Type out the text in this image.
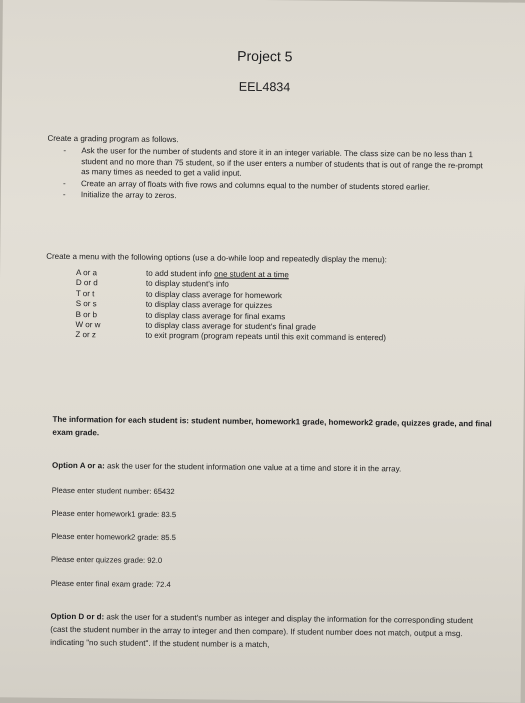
Project 5
EEL4834
Create a grading program as follows.
- Ask the user for the number of students and store it in an integer variable. The class size can be no less than 1 student and no more than 75 student, so if the user enters a number of students that is out of range the re-prompt as many times as needed to get a valid input.
- Create an array of floats with five rows and columns equal to the number of students stored earlier.
- Initialize the array to zeros.
Create a menu with the following options (use a do-while loop and repeatedly display the menu):
A or a	to add student info one student at a time
D or d	to display student's info
T or t	to display class average for homework
S or s	to display class average for quizzes
B or b	to display class average for final exams
W or w	to display class average for student's final grade
Z or z	to exit program (program repeats until this exit command is entered)
The information for each student is: student number, homework1 grade, homework2 grade, quizzes grade, and final exam grade.
Option A or a: ask the user for the student information one value at a time and store it in the array.
Please enter student number: 65432
Please enter homework1 grade: 83.5
Please enter homework2 grade: 85.5
Please enter quizzes grade: 92.0
Please enter final exam grade: 72.4
Option D or d: ask the user for a student's number as integer and display the information for the corresponding student (cast the student number in the array to integer and then compare). If student number does not match, output a msg. indicating "no such student". If the student number is a match,
